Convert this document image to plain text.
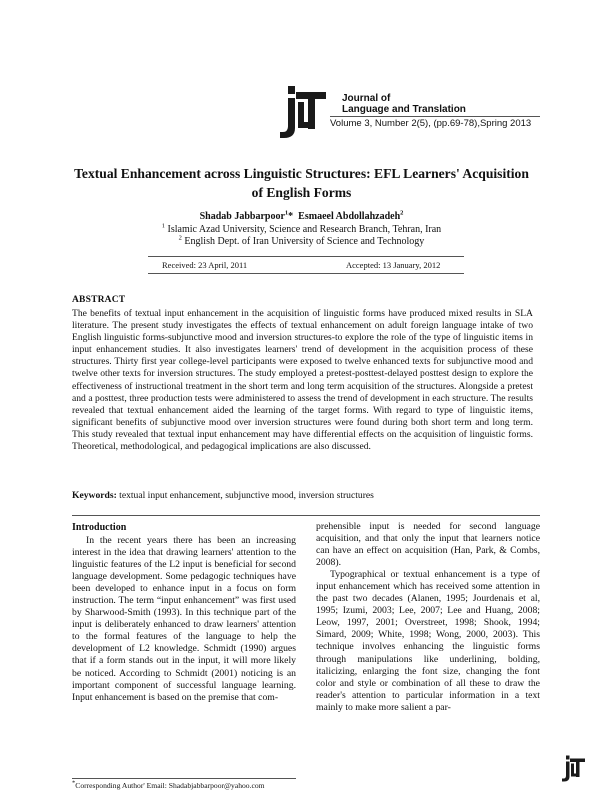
Journal of
Language and Translation
Volume 3, Number 2(5), (pp.69-78),Spring 2013
Textual Enhancement across Linguistic Structures: EFL Learners' Acquisition of English Forms
Shadab Jabbarpoor$^1$* Esmaeel Abdollahzadeh$^2$
$^1$ Islamic Azad University, Science and Research Branch, Tehran, Iran
$^2$ English Dept. of Iran University of Science and Technology
Received: 23 April, 2011	Accepted: 13 January, 2012
ABSTRACT

The benefits of textual input enhancement in the acquisition of linguistic forms have produced mixed results in SLA literature. The present study investigates the effects of textual enhancement on adult foreign language intake of two English linguistic forms-subjunctive mood and inversion structures-to explore the role of the type of linguistic items in input enhancement studies. It also investigates learners' trend of development in the acquisition process of these structures. Thirty first year college-level participants were exposed to twelve enhanced texts for subjunctive mood and twelve other texts for inversion structures. The study employed a pretest-posttest-delayed posttest design to explore the effectiveness of instructional treatment in the short term and long term acquisition of the structures. Alongside a pretest and a posttest, three production tests were administered to assess the trend of development in each structure. The results revealed that textual enhancement aided the learning of the target forms. With regard to type of linguistic items, significant benefits of subjunctive mood over inversion structures were found during both short term and long term. This study revealed that textual input enhancement may have differential effects on the acquisition of linguistic forms. Theoretical, methodological, and pedagogical implications are also discussed.

Keywords: textual input enhancement, subjunctive mood, inversion structures
Introduction

In the recent years there has been an increasing interest in the idea that drawing learners' attention to the linguistic features of the L2 input is beneficial for second language development. Some pedagogic techniques have been developed to enhance input in a focus on form instruction. The term “input enhancement” was first used by Sharwood-Smith (1993). In this technique part of the input is deliberately enhanced to draw learners' attention to the formal features of the language to help the development of L2 knowledge. Schmidt (1990) argues that if a form stands out in the input, it will more likely be noticed. According to Schmidt (2001) noticing is an important component of successful language learning. Input enhancement is based on the premise that com-

prehensible input is needed for second language acquisition, and that only the input that learners notice can have an effect on acquisition (Han, Park, & Combs, 2008).

Typographical or textual enhancement is a type of input enhancement which has received some attention in the past two decades (Alanen, 1995; Jourdenais et al, 1995; Izumi, 2003; Lee, 2007; Lee and Huang, 2008; Leow, 1997, 2001; Overstreet, 1998; Shook, 1994; Simard, 2009; White, 1998; Wong, 2000, 2003). This technique involves enhancing the linguistic forms through manipulations like underlining, bolding, italicizing, enlarging the font size, changing the font color and style or combination of all these to draw the reader's attention to particular information in a text mainly to make more salient a par-

*Corresponding Author' Email: Shadabjabbarpoor@yahoo.com
